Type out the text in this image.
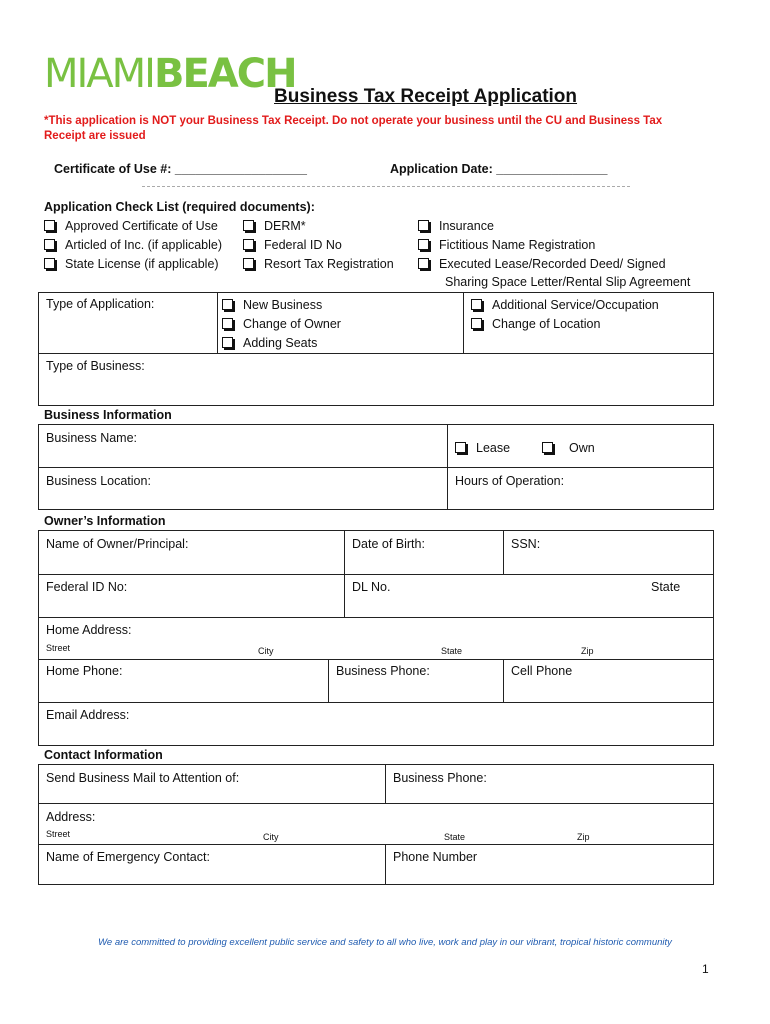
MIAMIBEACH
Business Tax Receipt Application
*This application is NOT your Business Tax Receipt. Do not operate your business until the CU and Business Tax Receipt are issued
Certificate of Use #: ___________________	Application Date: ________________
Application Check List (required documents):
Approved Certificate of Use
Articled of Inc. (if applicable)
State License (if applicable)
DERM*
Federal ID No
Resort Tax Registration
Insurance
Fictitious Name Registration
Executed Lease/Recorded Deed/ Signed
Sharing Space Letter/Rental Slip Agreement
Type of Application:	New Business
Change of Owner
Adding Seats
Additional Service/Occupation
Change of Location
Type of Business:
Business Information
Business Name:
Lease	Own
Business Location:	Hours of Operation:
Owner’s Information
Name of Owner/Principal:	Date of Birth:	SSN:
Federal ID No:	DL No.	State
Home Address:
Street	City	State	Zip
Home Phone:	Business Phone:	Cell Phone
Email Address:
Contact Information
Send Business Mail to Attention of:	Business Phone:
Address:
Street	City	State	Zip
Name of Emergency Contact:	Phone Number
We are committed to providing excellent public service and safety to all who live, work and play in our vibrant, tropical historic community
1
